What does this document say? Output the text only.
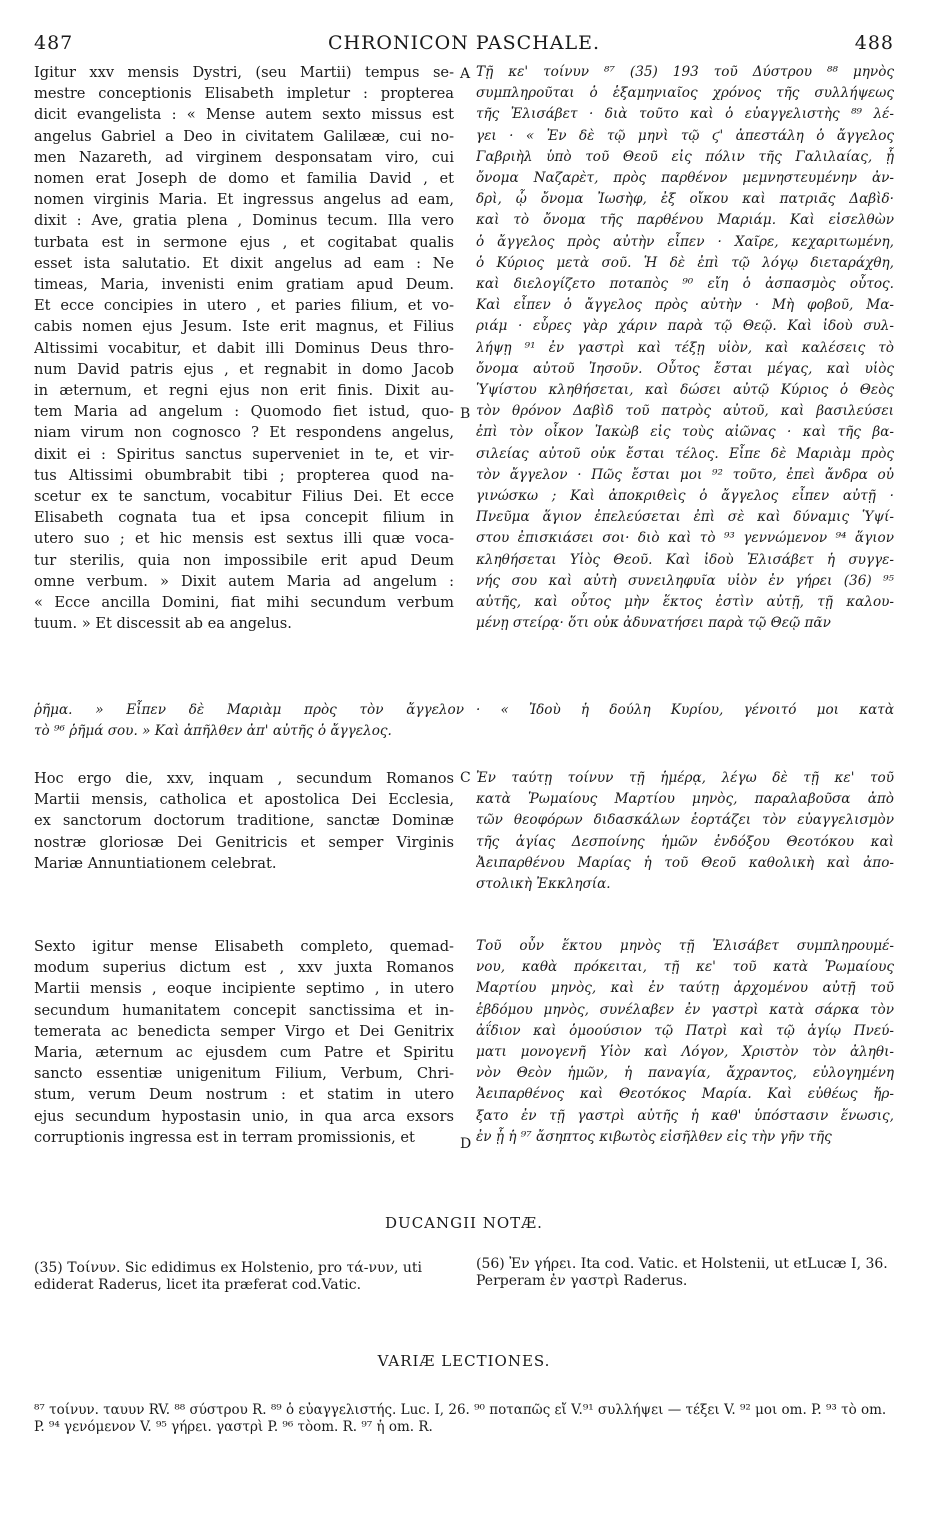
487	CHRONICON PASCHALE.	488
Igitur xxv mensis Dystri, (seu Martii) tempus se-
mestre conceptionis Elisabeth impletur : propterea
dicit evangelista : « Mense autem sexto missus est
angelus Gabriel a Deo in civitatem Galilææ, cui no-
men Nazareth, ad virginem desponsatam viro, cui
nomen erat Joseph de domo et familia David , et
nomen virginis Maria. Et ingressus angelus ad eam,
dixit : Ave, gratia plena , Dominus tecum. Illa vero
turbata est in sermone ejus , et cogitabat qualis
esset ista salutatio. Et dixit angelus ad eam : Ne
timeas, Maria, invenisti enim gratiam apud Deum.
Et ecce concipies in utero , et paries filium, et vo-
cabis nomen ejus Jesum. Iste erit magnus, et Filius
Altissimi vocabitur, et dabit illi Dominus Deus thro-
num David patris ejus , et regnabit in domo Jacob
in æternum, et regni ejus non erit finis. Dixit au-
tem Maria ad angelum : Quomodo fiet istud, quo-
niam virum non cognosco ? Et respondens angelus,
dixit ei : Spiritus sanctus superveniet in te, et vir-
tus Altissimi obumbrabit tibi ; propterea quod na-
scetur ex te sanctum, vocabitur Filius Dei. Et ecce
Elisabeth cognata tua et ipsa concepit filium in
utero suo ; et hic mensis est sextus illi quæ voca-
tur sterilis, quia non impossibile erit apud Deum
omne verbum. » Dixit autem Maria ad angelum :
« Ecce ancilla Domini, fiat mihi secundum verbum
tuum. » Et discessit ab ea angelus.
Τῇ κε' τοίνυν ⁸⁷ (35) 193 τοῦ Δύστρου ⁸⁸ μηνὸς
συμπληροῦται ὁ ἑξαμηνιαῖος χρόνος τῆς συλλήψεως
τῆς Ἐλισάβετ · διὰ τοῦτο καὶ ὁ εὐαγγελιστὴς ⁸⁹ λέ-
γει · « Ἐν δὲ τῷ μηνὶ τῷ ϛ' ἀπεστάλη ὁ ἄγγελος
Γαβριὴλ ὑπὸ τοῦ Θεοῦ εἰς πόλιν τῆς Γαλιλαίας, ᾗ
ὄνομα Ναζαρὲτ, πρὸς παρθένον μεμνηστευμένην ἀν-
δρὶ, ᾧ ὄνομα Ἰωσὴφ, ἐξ οἴκου καὶ πατριᾶς Δαβὶδ·
καὶ τὸ ὄνομα τῆς παρθένου Μαριάμ. Καὶ εἰσελθὼν
ὁ ἄγγελος πρὸς αὐτὴν εἶπεν · Χαῖρε, κεχαριτωμένη,
ὁ Κύριος μετὰ σοῦ. Ἡ δὲ ἐπὶ τῷ λόγῳ διεταράχθη,
καὶ διελογίζετο ποταπὸς ⁹⁰ εἴη ὁ ἀσπασμὸς οὗτος.
Καὶ εἶπεν ὁ ἄγγελος πρὸς αὐτὴν · Μὴ φοβοῦ, Μα-
ριάμ · εὗρες γὰρ χάριν παρὰ τῷ Θεῷ. Καὶ ἰδοὺ συλ-
λήψῃ ⁹¹ ἐν γαστρὶ καὶ τέξῃ υἱὸν, καὶ καλέσεις τὸ
ὄνομα αὐτοῦ Ἰησοῦν. Οὗτος ἔσται μέγας, καὶ υἱὸς
Ὑψίστου κληθήσεται, καὶ δώσει αὐτῷ Κύριος ὁ Θεὸς
τὸν θρόνον Δαβὶδ τοῦ πατρὸς αὐτοῦ, καὶ βασιλεύσει
ἐπὶ τὸν οἶκον Ἰακὼβ εἰς τοὺς αἰῶνας · καὶ τῆς βα-
σιλείας αὐτοῦ οὐκ ἔσται τέλος. Εἶπε δὲ Μαριὰμ πρὸς
τὸν ἄγγελον · Πῶς ἔσται μοι ⁹² τοῦτο, ἐπεὶ ἄνδρα οὐ
γινώσκω ; Καὶ ἀποκριθεὶς ὁ ἄγγελος εἶπεν αὐτῇ ·
Πνεῦμα ἅγιον ἐπελεύσεται ἐπὶ σὲ καὶ δύναμις Ὑψί-
στου ἐπισκιάσει σοι· διὸ καὶ τὸ ⁹³ γεννώμενον ⁹⁴ ἅγιον
κληθήσεται Υἱὸς Θεοῦ. Καὶ ἰδοὺ Ἐλισάβετ ἡ συγγε-
νής σου καὶ αὐτὴ συνειληφυῖα υἱὸν ἐν γήρει (36) ⁹⁵
αὐτῆς, καὶ οὗτος μὴν ἕκτος ἐστὶν αὐτῇ, τῇ καλου-
μένῃ στείρᾳ· ὅτι οὐκ ἀδυνατήσει παρὰ τῷ Θεῷ πᾶν
· « Ἰδοὺ ἡ δούλη Κυρίου, γένοιτό μοι κατὰ
ῥῆμα. » Εἶπεν δὲ Μαριὰμ πρὸς τὸν ἄγγελον
τὸ ⁹⁶ ῥῆμά σου. » Καὶ ἀπῆλθεν ἀπ' αὐτῆς ὁ ἄγγελος.
A
B
Hoc ergo die, xxv, inquam , secundum Romanos
Martii mensis, catholica et apostolica Dei Ecclesia,
ex sanctorum doctorum traditione, sanctæ Dominæ
nostræ gloriosæ Dei Genitricis et semper Virginis
Mariæ Annuntiationem celebrat.
Ἐν ταύτῃ τοίνυν τῇ ἡμέρᾳ, λέγω δὲ τῇ κε' τοῦ
κατὰ Ῥωμαίους Μαρτίου μηνὸς, παραλαβοῦσα ἀπὸ
τῶν θεοφόρων διδασκάλων ἑορτάζει τὸν εὐαγγελισμὸν
τῆς ἁγίας Δεσποίνης ἡμῶν ἐνδόξου Θεοτόκου καὶ
Ἀειπαρθένου Μαρίας ἡ τοῦ Θεοῦ καθολικὴ καὶ ἀπο-
στολικὴ Ἐκκλησία.
C
Sexto igitur mense Elisabeth completo, quemad-
modum superius dictum est , xxv juxta Romanos
Martii mensis , eoque incipiente septimo , in utero
secundum humanitatem concepit sanctissima et in-
temerata ac benedicta semper Virgo et Dei Genitrix
Maria, æternum ac ejusdem cum Patre et Spiritu
sancto essentiæ unigenitum Filium, Verbum, Chri-
stum, verum Deum nostrum : et statim in utero
ejus secundum hypostasin unio, in qua arca exsors
corruptionis ingressa est in terram promissionis, et
Τοῦ οὖν ἕκτου μηνὸς τῇ Ἐλισάβετ συμπληρουμέ-
νου, καθὰ πρόκειται, τῇ κε' τοῦ κατὰ Ῥωμαίους
Μαρτίου μηνὸς, καὶ ἐν ταύτῃ ἀρχομένου αὐτῇ τοῦ
ἑβδόμου μηνὸς, συνέλαβεν ἐν γαστρὶ κατὰ σάρκα τὸν
ἀΐδιον καὶ ὁμοούσιον τῷ Πατρὶ καὶ τῷ ἁγίῳ Πνεύ-
ματι μονογενῆ Υἱὸν καὶ Λόγον, Χριστὸν τὸν ἀληθι-
νὸν Θεὸν ἡμῶν, ἡ παναγία, ἄχραντος, εὐλογημένη
Ἀειπαρθένος καὶ Θεοτόκος Μαρία. Καὶ εὐθέως ἤρ-
ξατο ἐν τῇ γαστρὶ αὐτῆς ἡ καθ' ὑπόστασιν ἕνωσις,
ἐν ᾗ ἡ ⁹⁷ ἄσηπτος κιβωτὸς εἰσῆλθεν εἰς τὴν γῆν τῆς
D
DUCANGII NOTÆ.
(35) Τοίνυν. Sic edidimus ex Holstenio, pro τά-νυν, uti ediderat Raderus, licet ita præferat cod.Vatic.
(56) Ἐν γήρει. Ita cod. Vatic. et Holstenii, ut etLucæ I, 36. Perperam ἐν γαστρὶ Raderus.
VARIÆ LECTIONES.
⁸⁷ τοίνυν. ταυυν RV. ⁸⁸ σύστρου R. ⁸⁹ ὁ εὐαγγελιστής. Luc. I, 26. ⁹⁰ ποταπῶς εἴ V.⁹¹ συλλήψει — τέξει V. ⁹² μοι om. P. ⁹³ τὸ om. P. ⁹⁴ γενόμενον V. ⁹⁵ γήρει. γαστρὶ P. ⁹⁶ τὸom. R. ⁹⁷ ἡ om. R.
